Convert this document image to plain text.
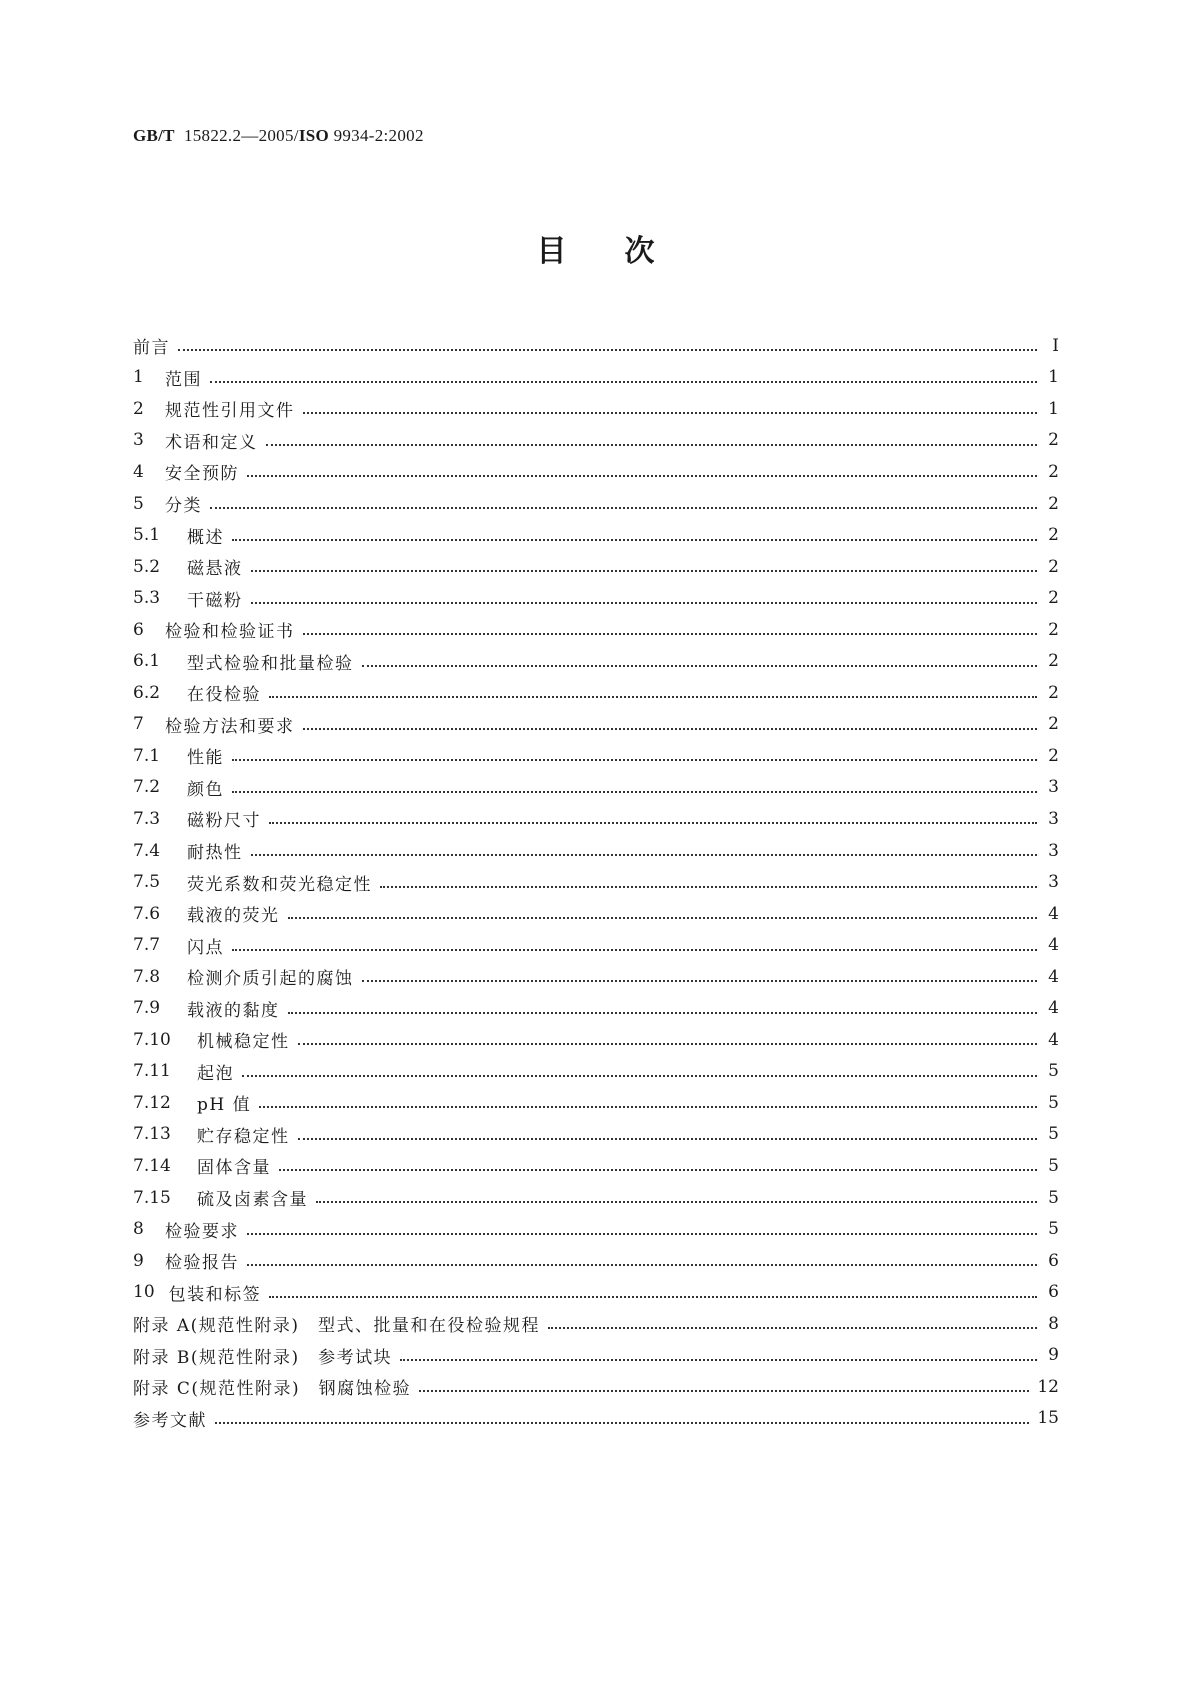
GB/T 15822.2—2005/ISO 9934-2:2002
目次
前言	I
1	范围	1
2	规范性引用文件	1
3	术语和定义	2
4	安全预防	2
5	分类	2
5.1	概述	2
5.2	磁悬液	2
5.3	干磁粉	2
6	检验和检验证书	2
6.1	型式检验和批量检验	2
6.2	在役检验	2
7	检验方法和要求	2
7.1	性能	2
7.2	颜色	3
7.3	磁粉尺寸	3
7.4	耐热性	3
7.5	荧光系数和荧光稳定性	3
7.6	载液的荧光	4
7.7	闪点	4
7.8	检测介质引起的腐蚀	4
7.9	载液的黏度	4
7.10	机械稳定性	4
7.11	起泡	5
7.12	pH 值	5
7.13	贮存稳定性	5
7.14	固体含量	5
7.15	硫及卤素含量	5
8	检验要求	5
9	检验报告	6
10 包装和标签	6
附录 A(规范性附录)　型式、批量和在役检验规程	8
附录 B(规范性附录)　参考试块	9
附录 C(规范性附录)　钢腐蚀检验	12
参考文献	15
